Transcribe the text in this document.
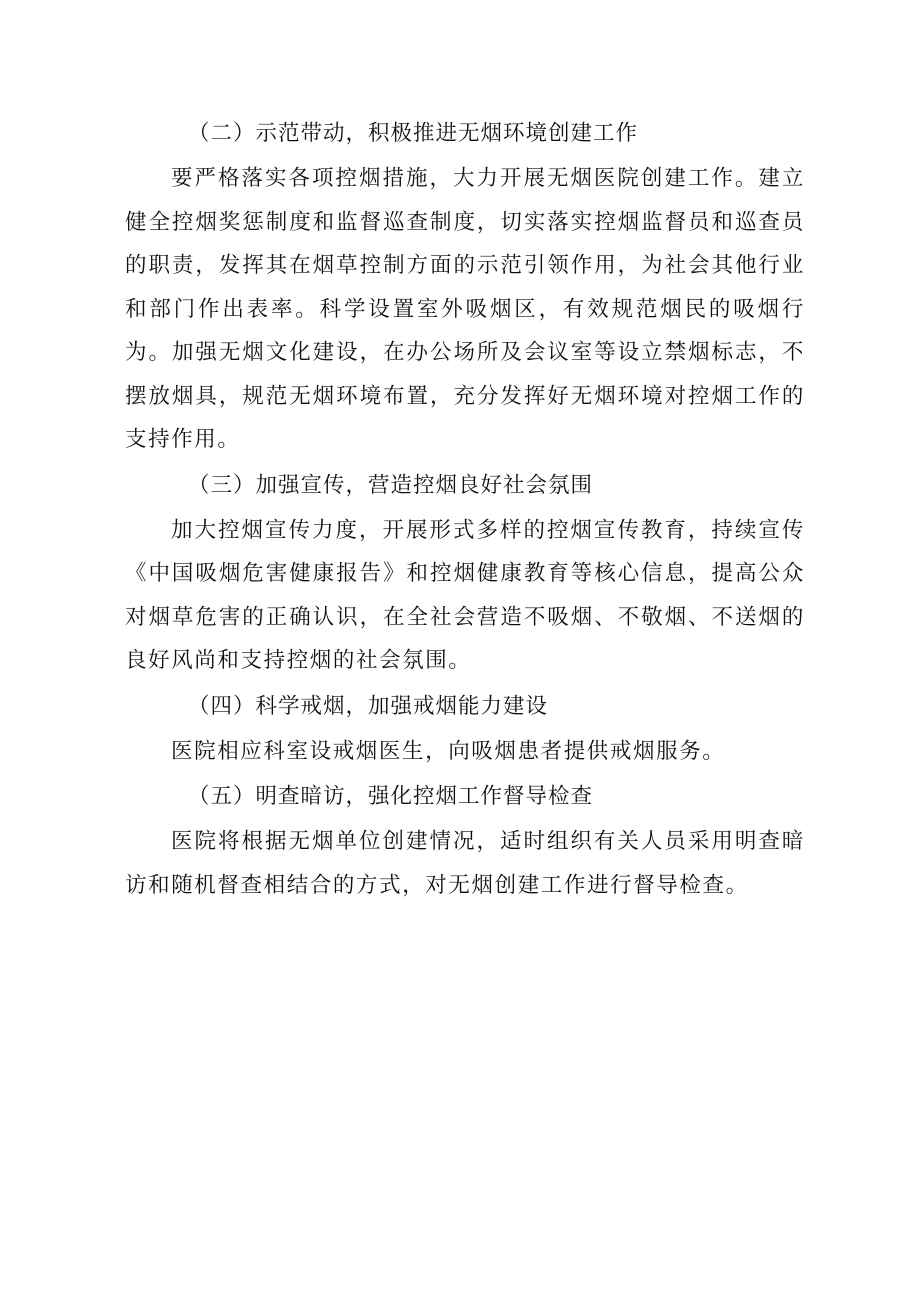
（二）示范带动，积极推进无烟环境创建工作

要严格落实各项控烟措施，大力开展无烟医院创建工作。建立健全控烟奖惩制度和监督巡查制度，切实落实控烟监督员和巡查员的职责，发挥其在烟草控制方面的示范引领作用，为社会其他行业和部门作出表率。科学设置室外吸烟区，有效规范烟民的吸烟行为。加强无烟文化建设，在办公场所及会议室等设立禁烟标志，不摆放烟具，规范无烟环境布置，充分发挥好无烟环境对控烟工作的支持作用。

（三）加强宣传，营造控烟良好社会氛围

加大控烟宣传力度，开展形式多样的控烟宣传教育，持续宣传《中国吸烟危害健康报告》和控烟健康教育等核心信息，提高公众对烟草危害的正确认识，在全社会营造不吸烟、不敬烟、不送烟的良好风尚和支持控烟的社会氛围。

（四）科学戒烟，加强戒烟能力建设

医院相应科室设戒烟医生，向吸烟患者提供戒烟服务。

（五）明查暗访，强化控烟工作督导检查

医院将根据无烟单位创建情况，适时组织有关人员采用明查暗访和随机督查相结合的方式，对无烟创建工作进行督导检查。
